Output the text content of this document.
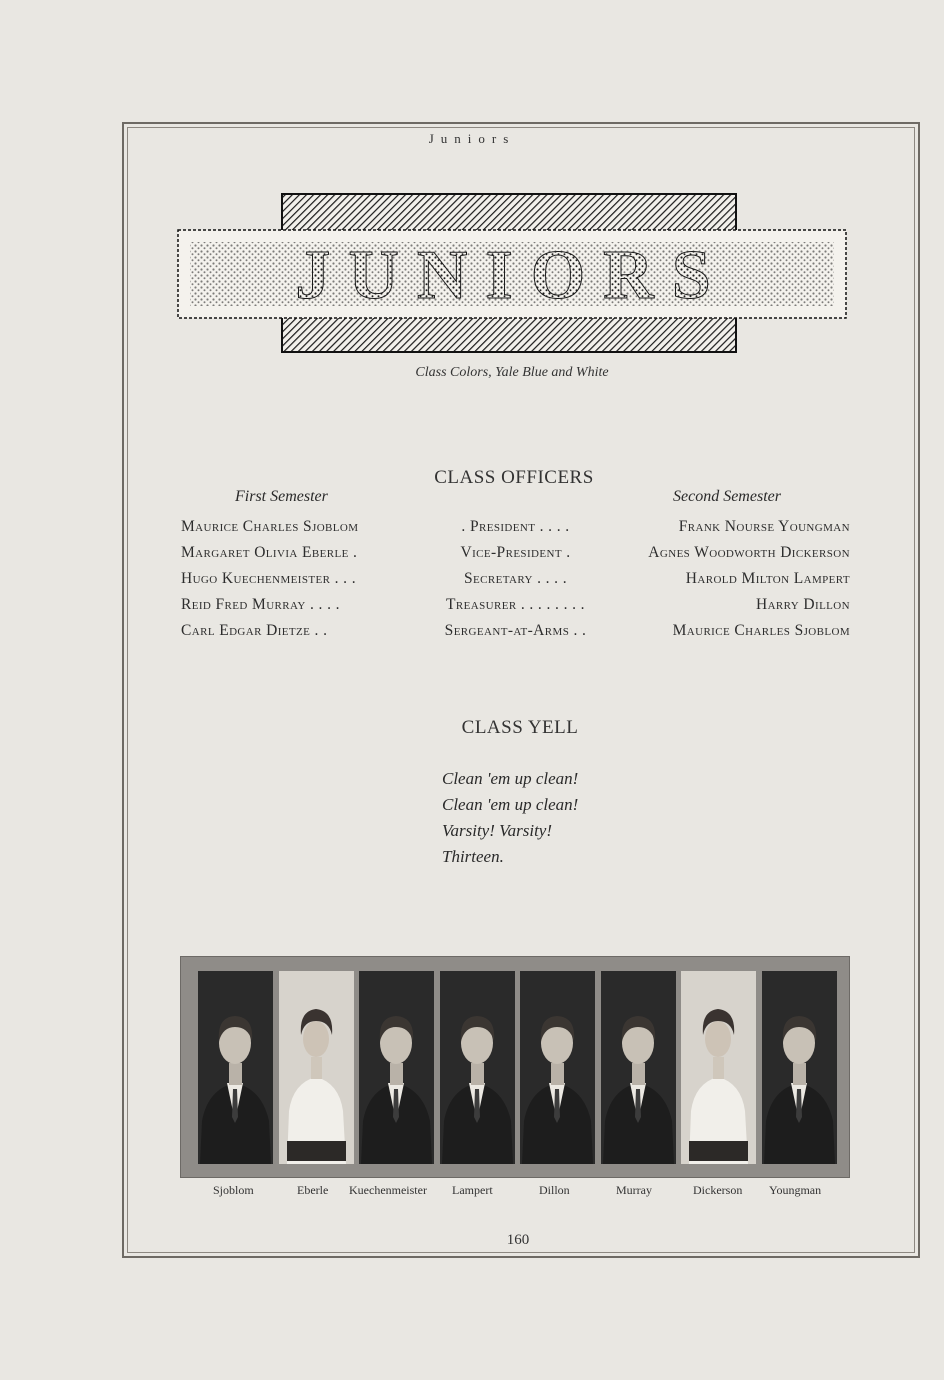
Juniors
JUNIORS
Class Colors, Yale Blue and White
CLASS OFFICERS
First Semester	Second Semester
Maurice Charles Sjoblom	. President . . . .	Frank Nourse Youngman
Margaret Olivia Eberle .	Vice-President .	Agnes Woodworth Dickerson
Hugo Kuechenmeister . . .	Secretary . . . .	Harold Milton Lampert
Reid Fred Murray . . . .	Treasurer . . . . . . . .	Harry Dillon
Carl Edgar Dietze . .	Sergeant-at-Arms . .	Maurice Charles Sjoblom
CLASS YELL
Clean 'em up clean!
Clean 'em up clean!
Varsity! Varsity!
Thirteen.
Sjoblom	Eberle Kuechenmeister Lampert	Dillon	Murray	Dickerson Youngman
160
